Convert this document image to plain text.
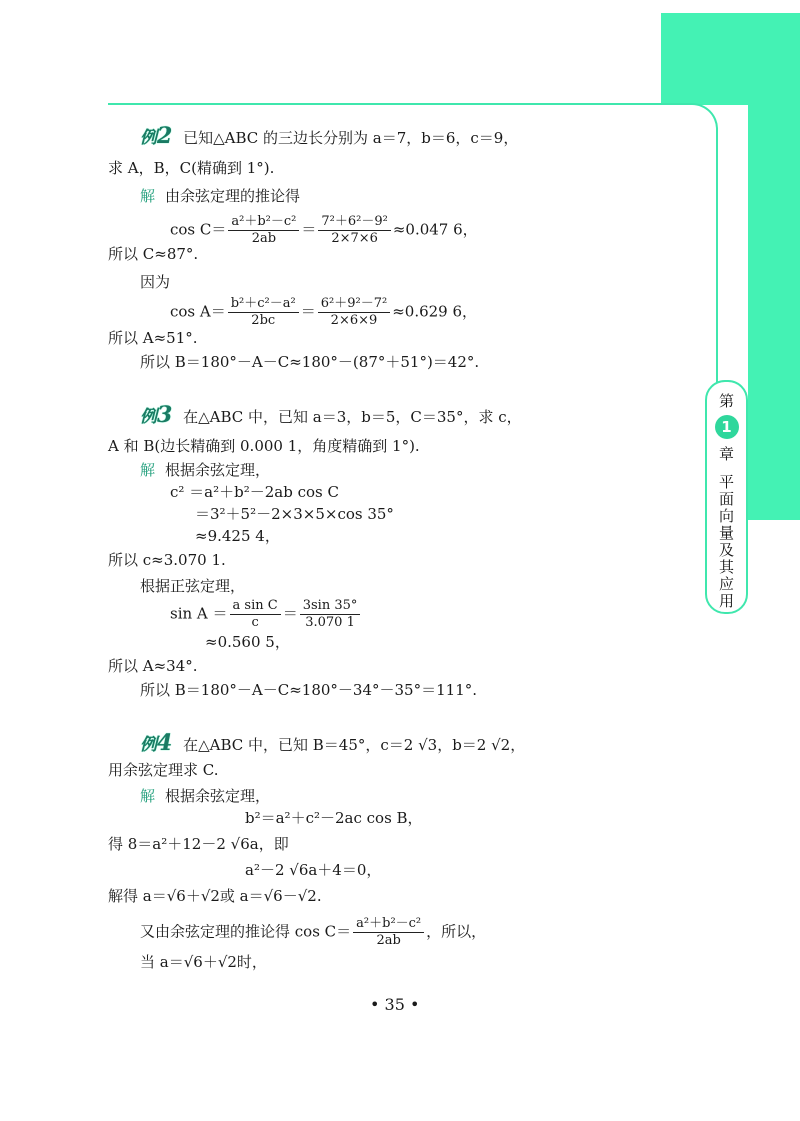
第
1
章
平面向量及其应用
例2 已知△ABC 的三边长分别为 a＝7，b＝6，c＝9，
求 A，B，C(精确到 1°).
解 由余弦定理的推论得
$\cos C= \frac{\text{a²＋b²－c²}}{2ab} = \frac{\text{7²＋6²－9²}}{2\times 7\times 6} \approx 0.047$ 6，
所以 C≈87°.
因为
$\cos A= \frac{\text{b²＋c²－a²}}{2bc} = \frac{\text{6²＋9²－7²}}{2\times 6\times 9} \approx 0.629$ 6，
所以 A≈51°.
所以 B＝180°－A－C≈180°－(87°＋51°)＝42°.
例3 在△ABC 中，已知 a＝3，b＝5，C＝35°，求 c，
A 和 B(边长精确到 0.000 1，角度精确到 1°).
解 根据余弦定理，
c² ＝a²＋b²－2ab cos C
＝3²＋5²－2×3×5×cos 35°
≈9.425 4，
所以 c≈3.070 1.
根据正弦定理，
$\sin A = \frac{\text{a sin C}}{c} = \frac{3\sin 35^\circ}{3.070 1}$
≈0.560 5，
所以 A≈34°.
所以 B＝180°－A－C≈180°－34°－35°＝111°.
例4 在△ABC 中，已知 B＝45°，c＝2 √3，b＝2 √2，
用余弦定理求 C.
解 根据余弦定理，
b²＝a²＋c²－2ac cos B，
得 8＝a²＋12－2 √6a，即
a²－2 √6a＋4＝0，
解得 a＝√6＋√2或 a＝√6－√2.
又由余弦定理的推论得 $\cos C= \frac{\text{a²＋b²－c²}}{2ab}$ ，所以，
当 a＝√6＋√2时，
• 35 •
